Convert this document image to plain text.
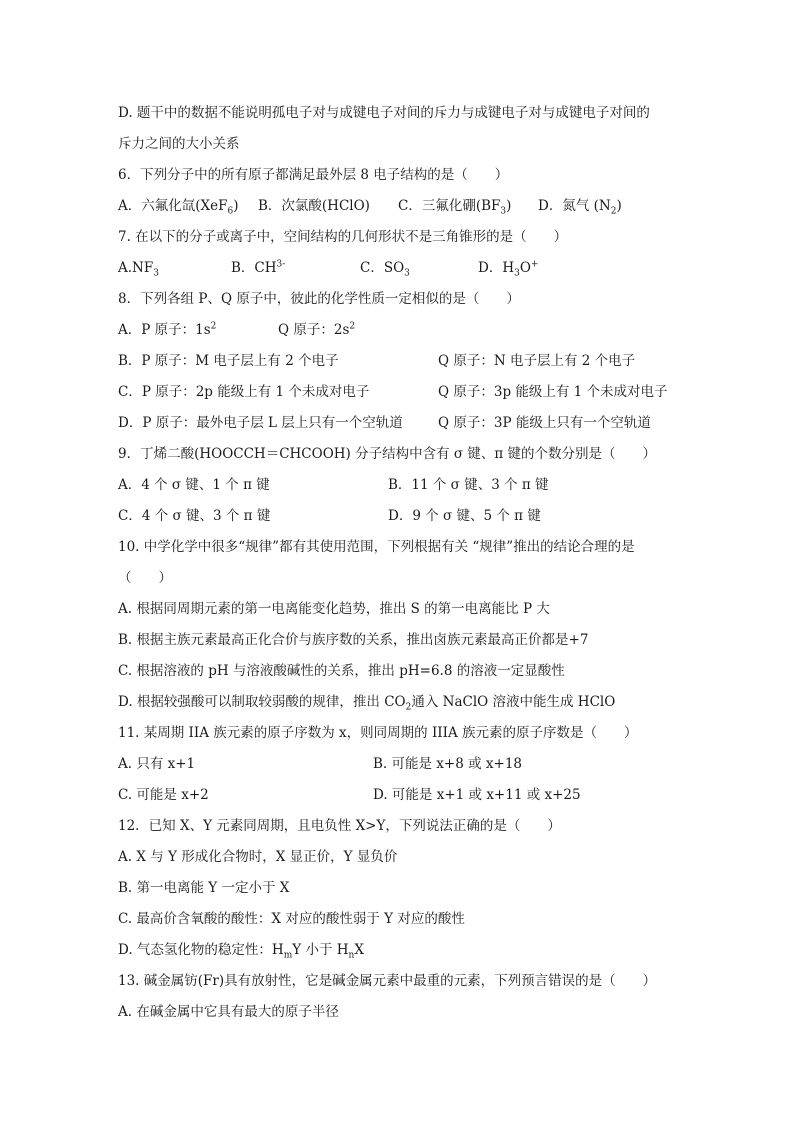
D. 题干中的数据不能说明孤电子对与成键电子对间的斥力与成键电子对与成键电子对间的
斥力之间的大小关系
6．下列分子中的所有原子都满足最外层 8 电子结构的是（　　）
A．六氟化氙(XeF$_6$) B．次氯酸(HClO) C．三氟化硼$(BF_3)$ D．氮气 $(N_2)$
7. 在以下的分子或离子中，空间结构的几何形状不是三角锥形的是（　　）
$A.NF_3$	B．$CH^{3-}$	C．$SO_3$	D．$H_3O^+$
8．下列各组 P、Q 原子中，彼此的化学性质一定相似的是（　　）
A．P 原子：$1s^2$	Q 原子：$2s^2$
B．P 原子：M 电子层上有 2 个电子	Q 原子：N 电子层上有 2 个电子
C．P 原子：2p 能级上有 1 个未成对电子	Q 原子：3p 能级上有 1 个未成对电子
D．P 原子：最外电子层 L 层上只有一个空轨道	Q 原子：3P 能级上只有一个空轨道
9．丁烯二酸(HOOCCH＝CHCOOH) 分子结构中含有 σ 键、π 键的个数分别是（　　）
A．4 个 σ 键、1 个 π 键	B．11 个 σ 键、3 个 π 键
C．4 个 σ 键、3 个 π 键	D．9 个 σ 键、5 个 π 键
10. 中学化学中很多“规律”都有其使用范围，下列根据有关 “规律”推出的结论合理的是
（　　）
A. 根据同周期元素的第一电离能变化趋势，推出 S 的第一电离能比 P 大
B. 根据主族元素最高正化合价与族序数的关系，推出卤族元素最高正价都是+7
C. 根据溶液的 pH 与溶液酸碱性的关系，推出 pH=6.8 的溶液一定显酸性
D. 根据较强酸可以制取较弱酸的规律，推出 $CO_2$通入 NaClO 溶液中能生成 HClO
11. 某周期 IIA 族元素的原子序数为 x，则同周期的 IIIA 族元素的原子序数是（　　）
A. 只有 x+1	B. 可能是 x+8 或 x+18
C. 可能是 x+2	D. 可能是 x+1 或 x+11 或 x+25
12．已知 X、Y 元素同周期，且电负性 X>Y，下列说法正确的是（　　）
A. X 与 Y 形成化合物时，X 显正价，Y 显负价
B. 第一电离能 Y 一定小于 X
C. 最高价含氧酸的酸性：X 对应的酸性弱于 Y 对应的酸性
D. 气态氢化物的稳定性：$H_mY$ 小于 $H_nX$
13. 碱金属钫(Fr)具有放射性，它是碱金属元素中最重的元素，下列预言错误的是（　　）
A. 在碱金属中它具有最大的原子半径
